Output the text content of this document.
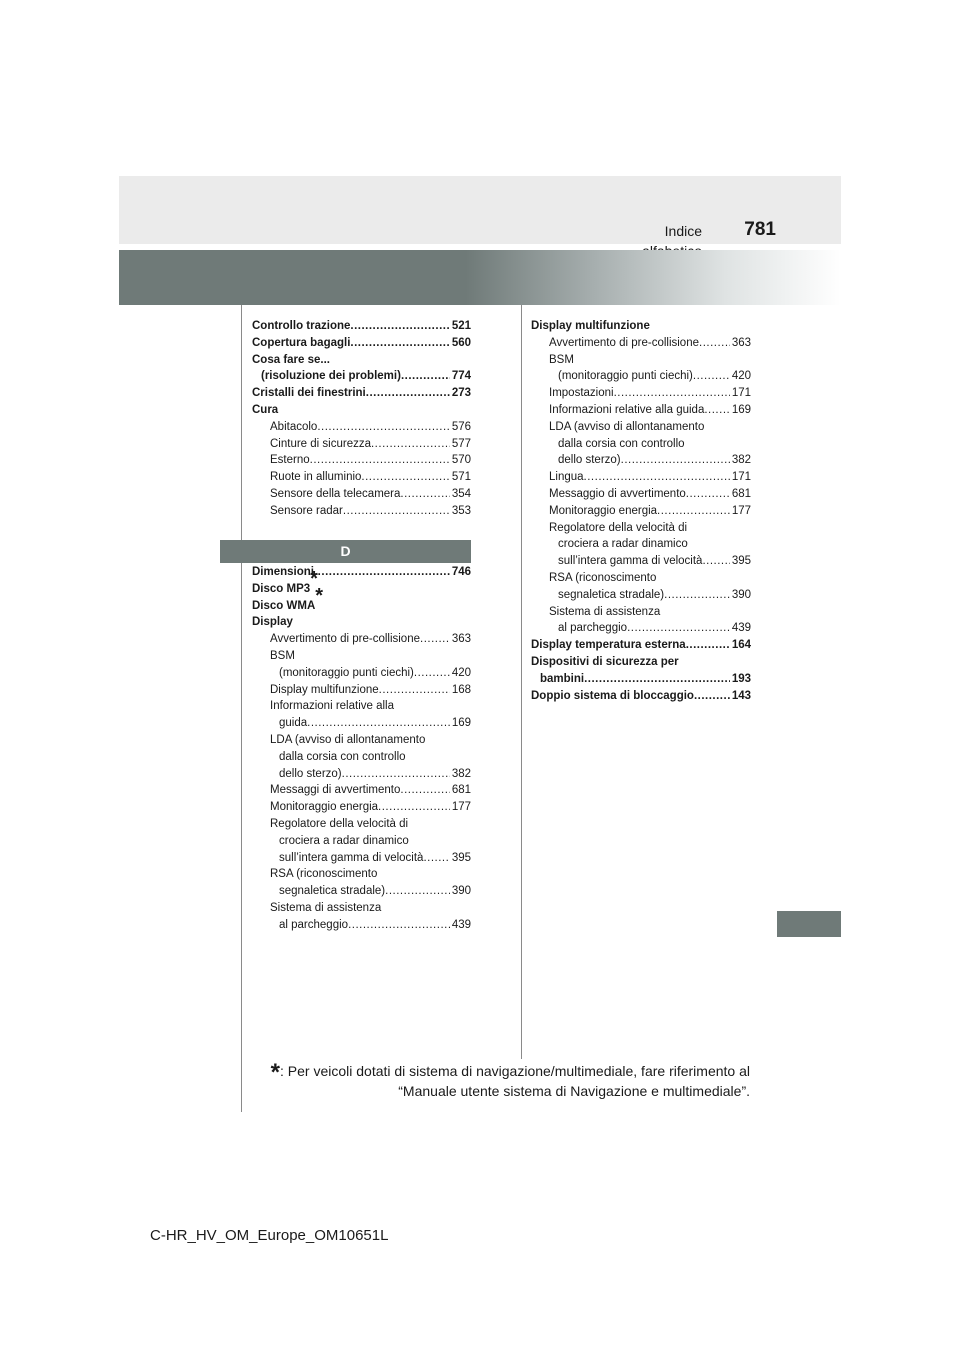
Indice	781
Controllo trazione .....	521
Copertura bagagli .....	560
Cosa fare se...
(risoluzione dei problemi) .....	774
Cristalli dei finestrini .....	273
Cura
Abitacolo .....	576
Cinture di sicurezza .....	577
Esterno .....	570
Ruote in alluminio .....	571
Sensore della telecamera .....	354
Sensore radar .....	353
D
Dimensioni .....	746
Disco MP3*
Disco WMA*
Display
Avvertimento di pre-collisione .....	363
BSM
(monitoraggio punti ciechi) .....	420
Display multifunzione .....	168
Informazioni relative alla
guida .....	169
LDA (avviso di allontanamento
dalla corsia con controllo
dello sterzo) .....	382
Messaggi di avvertimento .....	681
Monitoraggio energia .....	177
Regolatore della velocità di
crociera a radar dinamico
sull’intera gamma di velocità ..... 395
RSA (riconoscimento
segnaletica stradale) .....	390
Sistema di assistenza
al parcheggio .....	439
Display multifunzione
Avvertimento di pre-collisione .....	363
BSM
(monitoraggio punti ciechi) .....	420
Impostazioni .....	171
Informazioni relative alla guida ..... 169
LDA (avviso di allontanamento
dalla corsia con controllo
dello sterzo) .....	382
Lingua .....	171
Messaggio di avvertimento .....	681
Monitoraggio energia .....	177
Regolatore della velocità di
crociera a radar dinamico
sull’intera gamma di velocità .....	395
RSA (riconoscimento
segnaletica stradale) .....	390
Sistema di assistenza
al parcheggio .....	439
Display temperatura esterna .....	164
Dispositivi di sicurezza per
bambini .....	193
Doppio sistema di bloccaggio .....	143
*: Per veicoli dotati di sistema di navigazione/multimediale, fare riferimento al
“Manuale utente sistema di Navigazione e multimediale”.
C-HR_HV_OM_Europe_OM10651L
